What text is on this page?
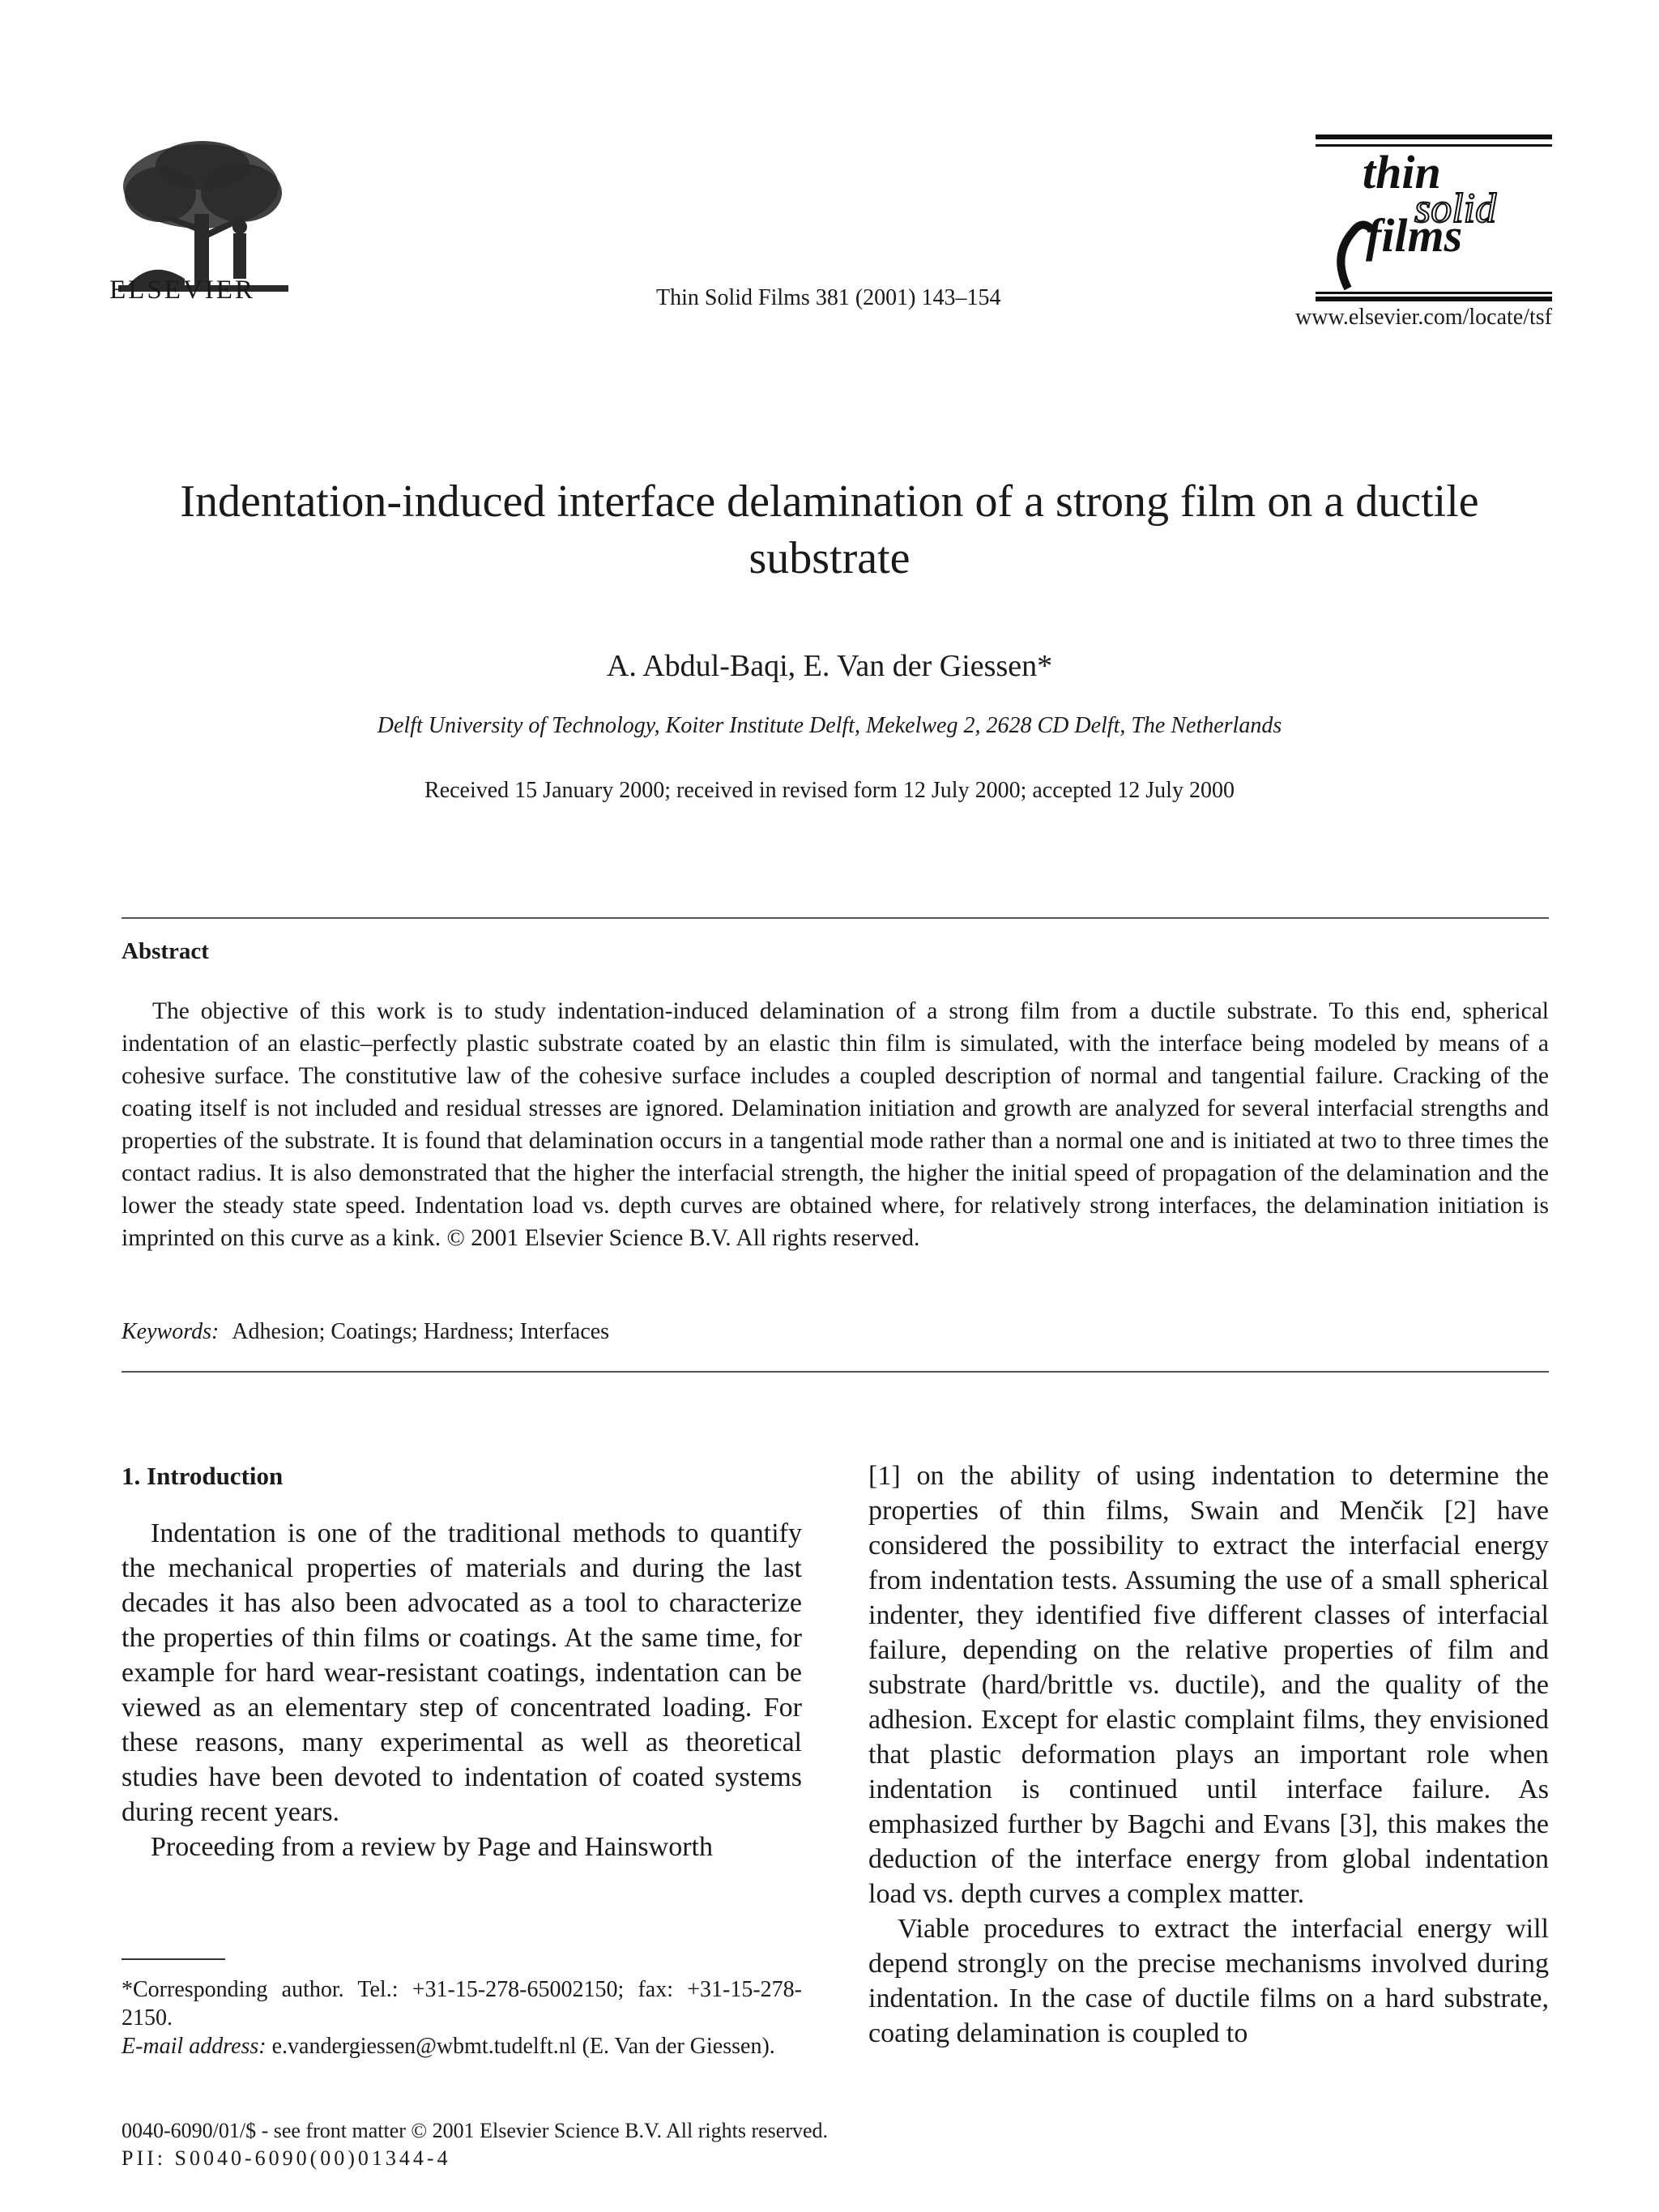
ELSEVIER	Thin Solid Films 381 (2001) 143–154
thin
solid
films
www.elsevier.com/locate/tsf
Indentation-induced interface delamination of a strong film on a ductile substrate
A. Abdul-Baqi, E. Van der Giessen*
Delft University of Technology, Koiter Institute Delft, Mekelweg 2, 2628 CD Delft, The Netherlands
Received 15 January 2000; received in revised form 12 July 2000; accepted 12 July 2000
Abstract
The objective of this work is to study indentation-induced delamination of a strong film from a ductile substrate. To this end, spherical indentation of an elastic–perfectly plastic substrate coated by an elastic thin film is simulated, with the interface being modeled by means of a cohesive surface. The constitutive law of the cohesive surface includes a coupled description of normal and tangential failure. Cracking of the coating itself is not included and residual stresses are ignored. Delamination initiation and growth are analyzed for several interfacial strengths and properties of the substrate. It is found that delamination occurs in a tangential mode rather than a normal one and is initiated at two to three times the contact radius. It is also demonstrated that the higher the interfacial strength, the higher the initial speed of propagation of the delamination and the lower the steady state speed. Indentation load vs. depth curves are obtained where, for relatively strong interfaces, the delamination initiation is imprinted on this curve as a kink. © 2001 Elsevier Science B.V. All rights reserved.
Keywords: Adhesion; Coatings; Hardness; Interfaces
1. Introduction

Indentation is one of the traditional methods to quantify the mechanical properties of materials and during the last decades it has also been advocated as a tool to characterize the properties of thin films or coatings. At the same time, for example for hard wear-resistant coatings, indentation can be viewed as an elementary step of concentrated loading. For these reasons, many experimental as well as theoretical studies have been devoted to indentation of coated systems during recent years.

Proceeding from a review by Page and Hainsworth

[1] on the ability of using indentation to determine the properties of thin films, Swain and Menčik [2] have considered the possibility to extract the interfacial energy from indentation tests. Assuming the use of a small spherical indenter, they identified five different classes of interfacial failure, depending on the relative properties of film and substrate (hard/brittle vs. ductile), and the quality of the adhesion. Except for elastic complaint films, they envisioned that plastic deformation plays an important role when indentation is continued until interface failure. As emphasized further by Bagchi and Evans [3], this makes the deduction of the interface energy from global indentation load vs. depth curves a complex matter.

Viable procedures to extract the interfacial energy will depend strongly on the precise mechanisms involved during indentation. In the case of ductile films on a hard substrate, coating delamination is coupled to

*Corresponding author. Tel.: +31-15-278-65002150; fax: +31-15-278-2150.
E-mail address: e.vandergiessen@wbmt.tudelft.nl (E. Van der Giessen).
0040-6090/01/$ - see front matter © 2001 Elsevier Science B.V. All rights reserved.
PII: S0040-6090(00)01344-4
